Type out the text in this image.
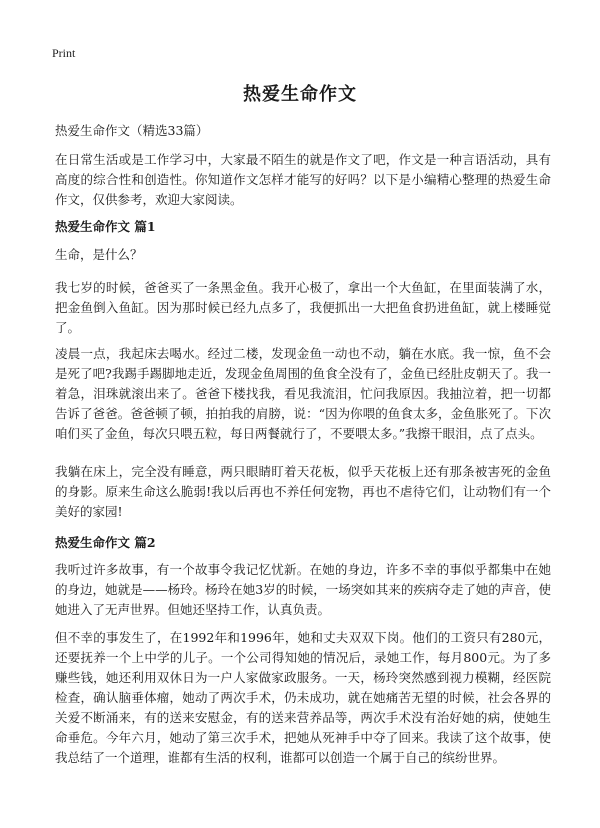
Print
热爱生命作文
热爱生命作文（精选33篇）
在日常生活或是工作学习中，大家最不陌生的就是作文了吧，作文是一种言语活动，具有高度的综合性和创造性。你知道作文怎样才能写的好吗？以下是小编精心整理的热爱生命作文，仅供参考，欢迎大家阅读。
热爱生命作文 篇1
生命，是什么？
我七岁的时候，爸爸买了一条黑金鱼。我开心极了，拿出一个大鱼缸，在里面装满了水，把金鱼倒入鱼缸。因为那时候已经九点多了，我便抓出一大把鱼食扔进鱼缸，就上楼睡觉了。
凌晨一点，我起床去喝水。经过二楼，发现金鱼一动也不动，躺在水底。我一惊，鱼不会是死了吧?我踢手踢脚地走近，发现金鱼周围的鱼食全没有了，金鱼已经肚皮朝天了。我一着急，泪珠就滚出来了。爸爸下楼找我，看见我流泪，忙问我原因。我抽泣着，把一切都告诉了爸爸。爸爸顿了顿，拍拍我的肩膀，说：“因为你喂的鱼食太多，金鱼胀死了。下次咱们买了金鱼，每次只喂五粒，每日两餐就行了，不要喂太多。”我擦干眼泪，点了点头。
我躺在床上，完全没有睡意，两只眼睛盯着天花板，似乎天花板上还有那条被害死的金鱼的身影。原来生命这么脆弱!我以后再也不养任何宠物，再也不虐待它们，让动物们有一个美好的家园!
热爱生命作文 篇2
我听过许多故事，有一个故事令我记忆忧新。在她的身边，许多不幸的事似乎都集中在她的身边，她就是——杨玲。杨玲在她3岁的时候，一场突如其来的疾病夺走了她的声音，使她进入了无声世界。但她还坚持工作，认真负责。
但不幸的事发生了，在1992年和1996年，她和丈夫双双下岗。他们的工资只有280元，还要抚养一个上中学的儿子。一个公司得知她的情况后，录她工作，每月800元。为了多赚些钱，她还利用双休日为一户人家做家政服务。一天，杨玲突然感到视力模糊，经医院检查，确认脑垂体瘤，她动了两次手术，仍未成功，就在她痛苦无望的时候，社会各界的关爱不断涌来，有的送来安慰金，有的送来营养品等，两次手术没有治好她的病，使她生命垂危。今年六月，她动了第三次手术，把她从死神手中夺了回来。我读了这个故事，使我总结了一个道理，谁都有生活的权利，谁都可以创造一个属于自己的缤纷世界。
